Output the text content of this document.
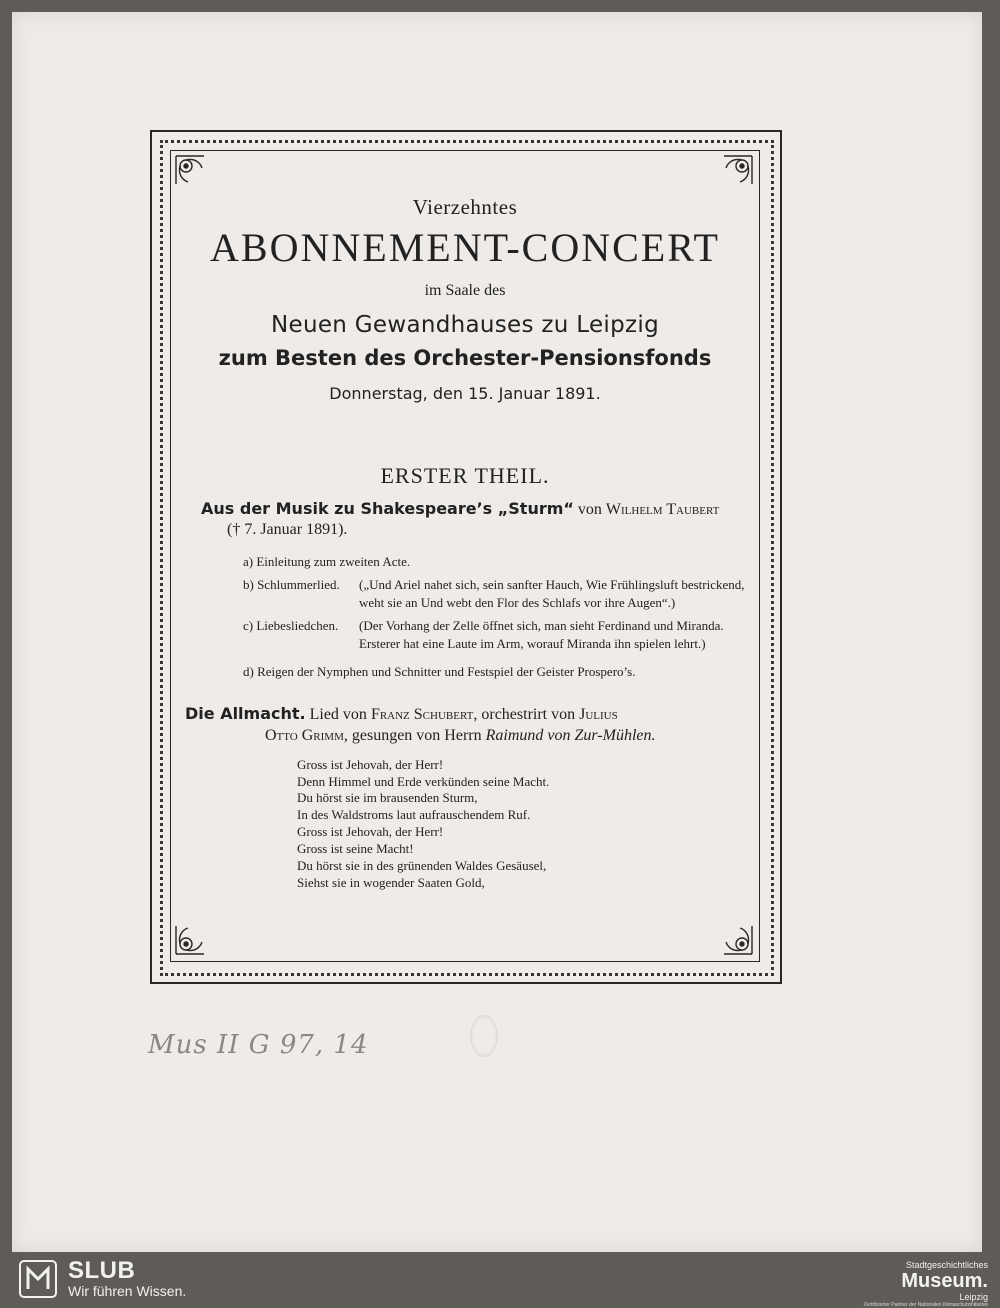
Vierzehntes
ABONNEMENT-CONCERT
im Saale des
Neuen Gewandhauses zu Leipzig
zum Besten des Orchester-Pensionsfonds
Donnerstag, den 15. Januar 1891.
ERSTER THEIL.
Aus der Musik zu Shakespeare’s „Sturm“ von Wilhelm Taubert
(† 7. Januar 1891).
a) Einleitung zum zweiten Acte.
b) Schlummerlied.	(„Und Ariel nahet sich, sein sanfter Hauch, Wie Frühlingsluft bestrickend, weht sie an Und webt den Flor des Schlafs vor ihre Augen“.)
c) Liebesliedchen.	(Der Vorhang der Zelle öffnet sich, man sieht Ferdinand und Miranda. Ersterer hat eine Laute im Arm, worauf Miranda ihn spielen lehrt.)
d) Reigen der Nymphen und Schnitter und Festspiel der Geister Prospero’s.
Die Allmacht. Lied von Franz Schubert, orchestrirt von Julius
Otto Grimm, gesungen von Herrn Raimund von Zur-Mühlen.
Gross ist Jehovah, der Herr!
Denn Himmel und Erde verkünden seine Macht.
Du hörst sie im brausenden Sturm,
In des Waldstroms laut aufrauschendem Ruf.
Gross ist Jehovah, der Herr!
Gross ist seine Macht!
Du hörst sie in des grünenden Waldes Gesäusel,
Siehst sie in wogender Saaten Gold,
Mus II G 97, 14
SLUB
Wir führen Wissen.
Stadtgeschichtliches
Museum.
Leipzig
Zertifizierter Partner der Nationalen Klimaschutzinitiative
